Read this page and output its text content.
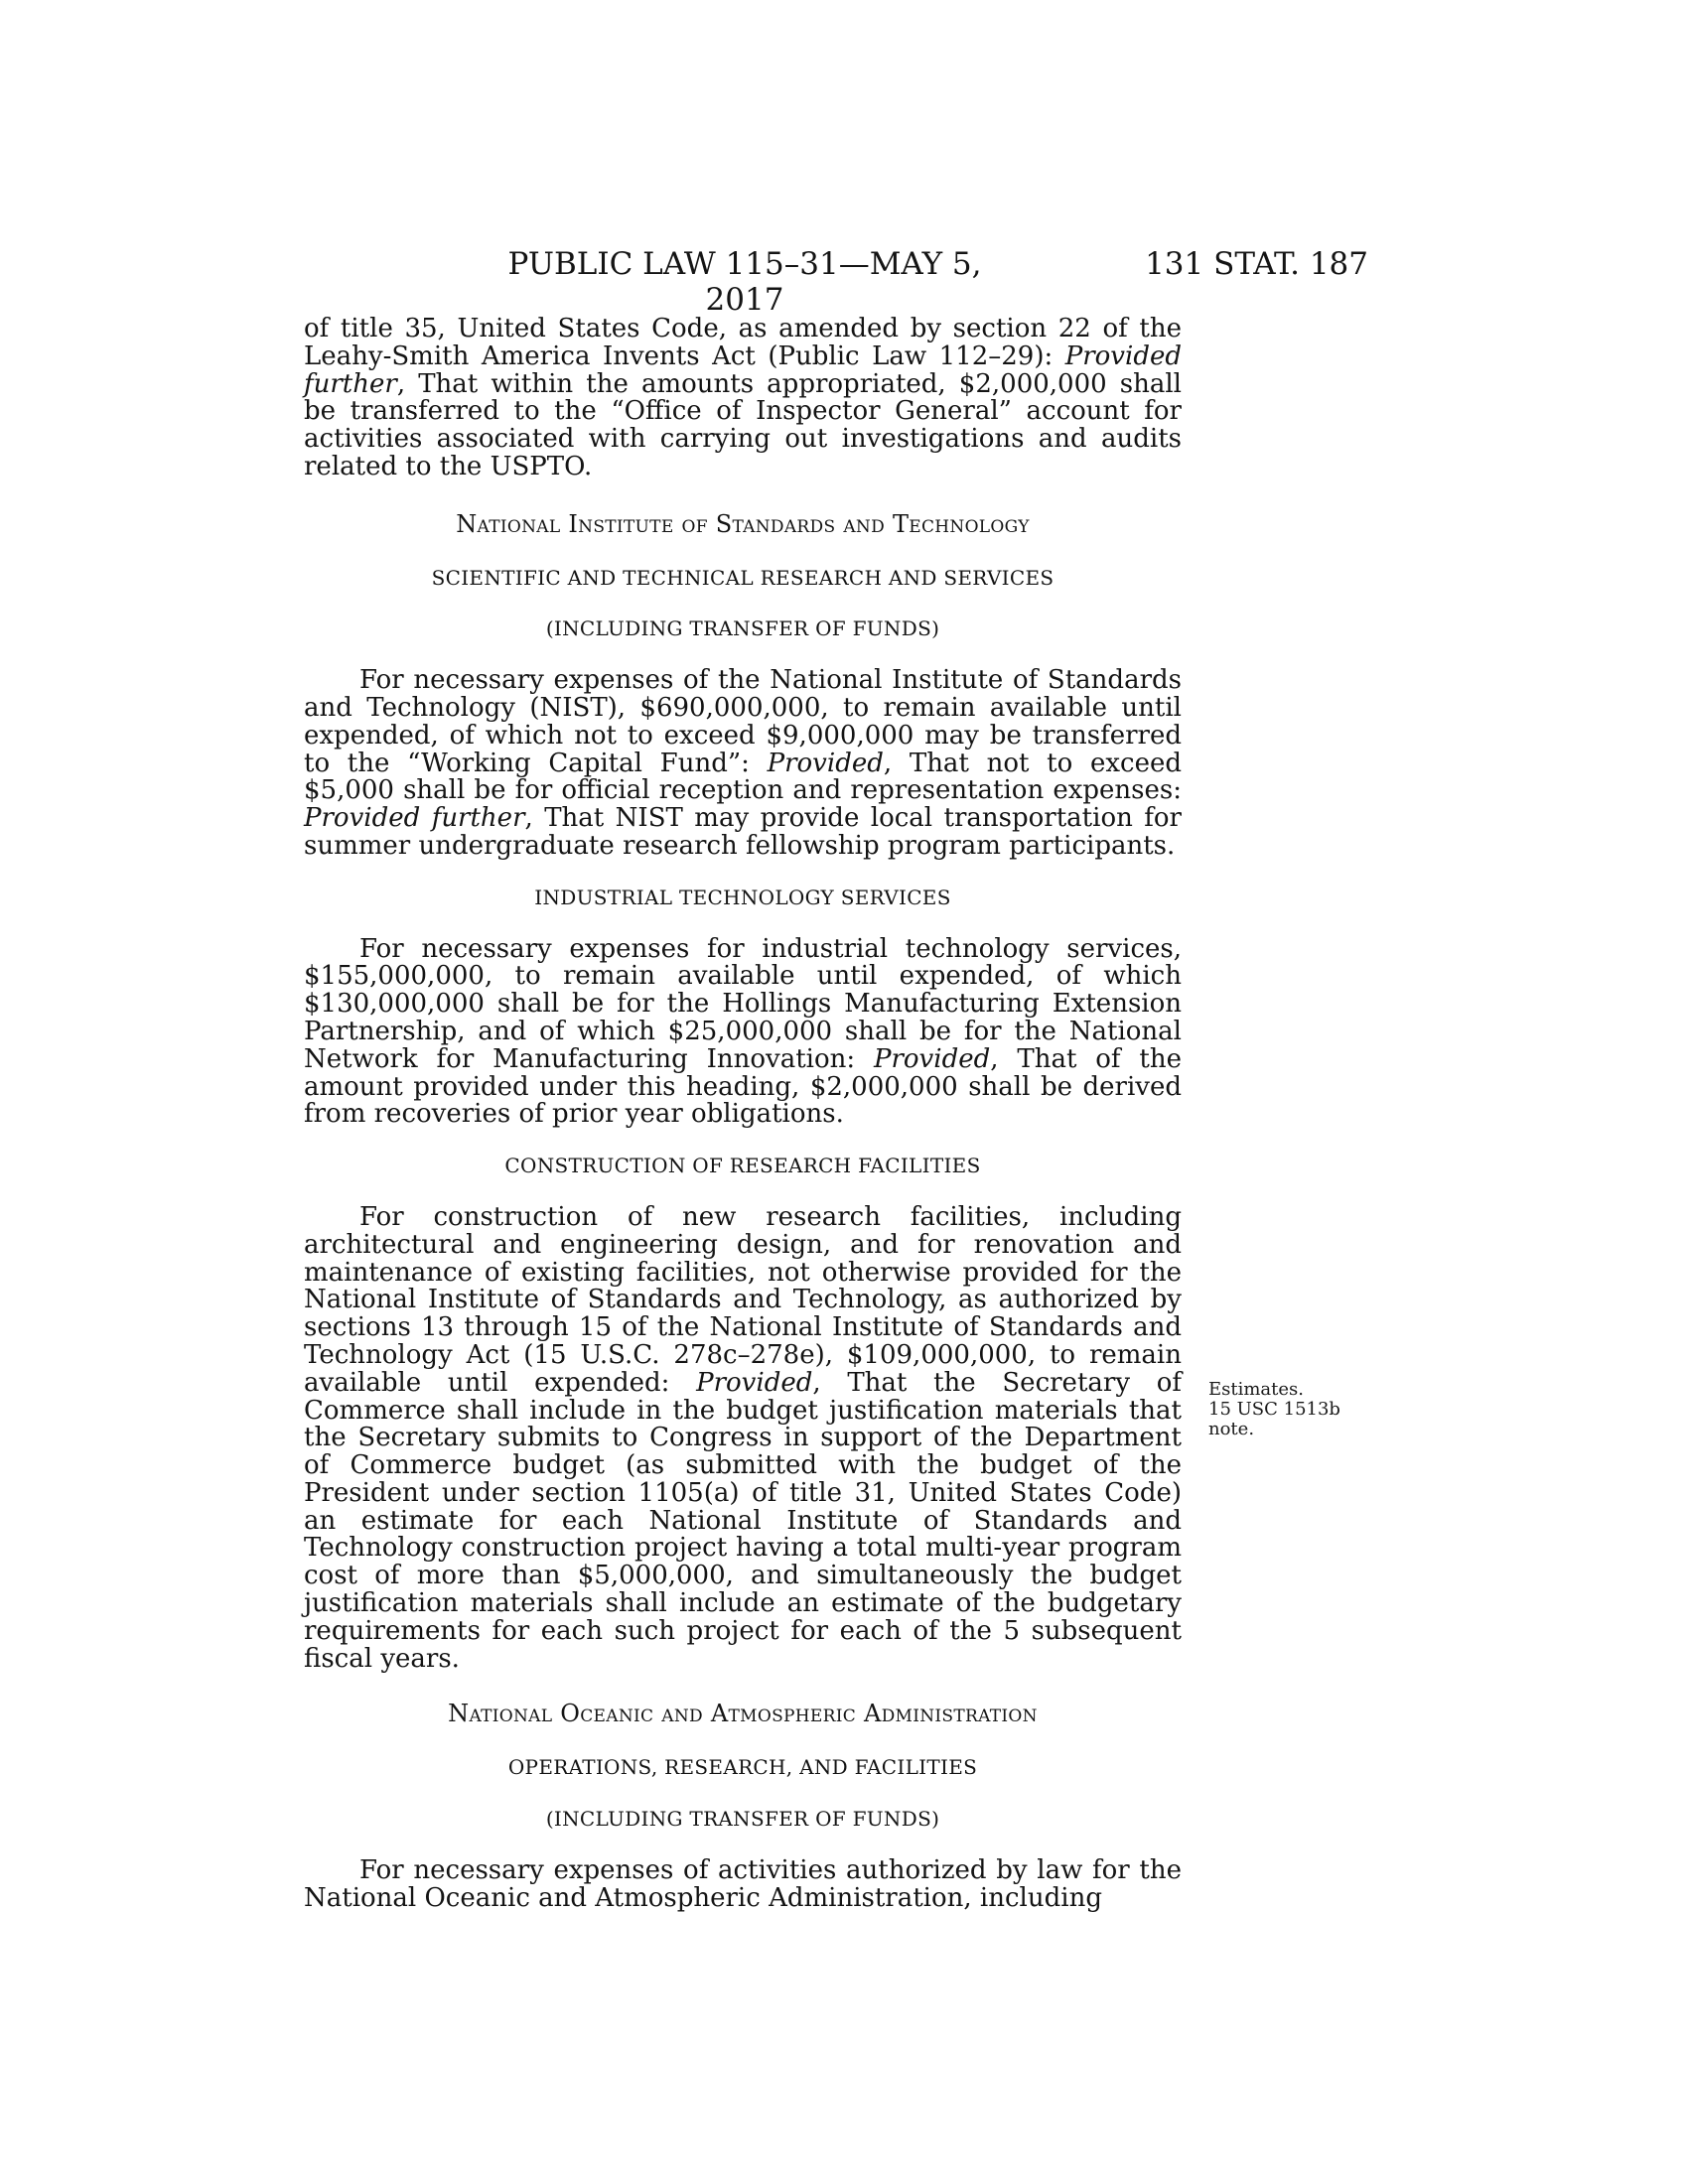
PUBLIC LAW 115–31—MAY 5, 2017
131 STAT. 187

of title 35, United States Code, as amended by section 22 of the Leahy-Smith America Invents Act (Public Law 112–29): Provided further, That within the amounts appropriated, $2,000,000 shall be transferred to the “Office of Inspector General” account for activities associated with carrying out investigations and audits related to the USPTO.

National Institute of Standards and Technology

SCIENTIFIC AND TECHNICAL RESEARCH AND SERVICES

(INCLUDING TRANSFER OF FUNDS)

For necessary expenses of the National Institute of Standards and Technology (NIST), $690,000,000, to remain available until expended, of which not to exceed $9,000,000 may be transferred to the “Working Capital Fund”: Provided, That not to exceed $5,000 shall be for official reception and representation expenses: Provided further, That NIST may provide local transportation for summer undergraduate research fellowship program participants.

INDUSTRIAL TECHNOLOGY SERVICES

For necessary expenses for industrial technology services, $155,000,000, to remain available until expended, of which $130,000,000 shall be for the Hollings Manufacturing Extension Partnership, and of which $25,000,000 shall be for the National Network for Manufacturing Innovation: Provided, That of the amount provided under this heading, $2,000,000 shall be derived from recoveries of prior year obligations.

CONSTRUCTION OF RESEARCH FACILITIES

For construction of new research facilities, including architectural and engineering design, and for renovation and maintenance of existing facilities, not otherwise provided for the National Institute of Standards and Technology, as authorized by sections 13 through 15 of the National Institute of Standards and Technology Act (15 U.S.C. 278c–278e), $109,000,000, to remain available until expended: Provided, That the Secretary of Commerce shall include in the budget justification materials that the Secretary submits to Congress in support of the Department of Commerce budget (as submitted with the budget of the President under section 1105(a) of title 31, United States Code) an estimate for each National Institute of Standards and Technology construction project having a total multi-year program cost of more than $5,000,000, and simultaneously the budget justification materials shall include an estimate of the budgetary requirements for each such project for each of the 5 subsequent fiscal years.

National Oceanic and Atmospheric Administration

OPERATIONS, RESEARCH, AND FACILITIES

(INCLUDING TRANSFER OF FUNDS)

For necessary expenses of activities authorized by law for the National Oceanic and Atmospheric Administration, including

Estimates.
15 USC 1513b
note.
